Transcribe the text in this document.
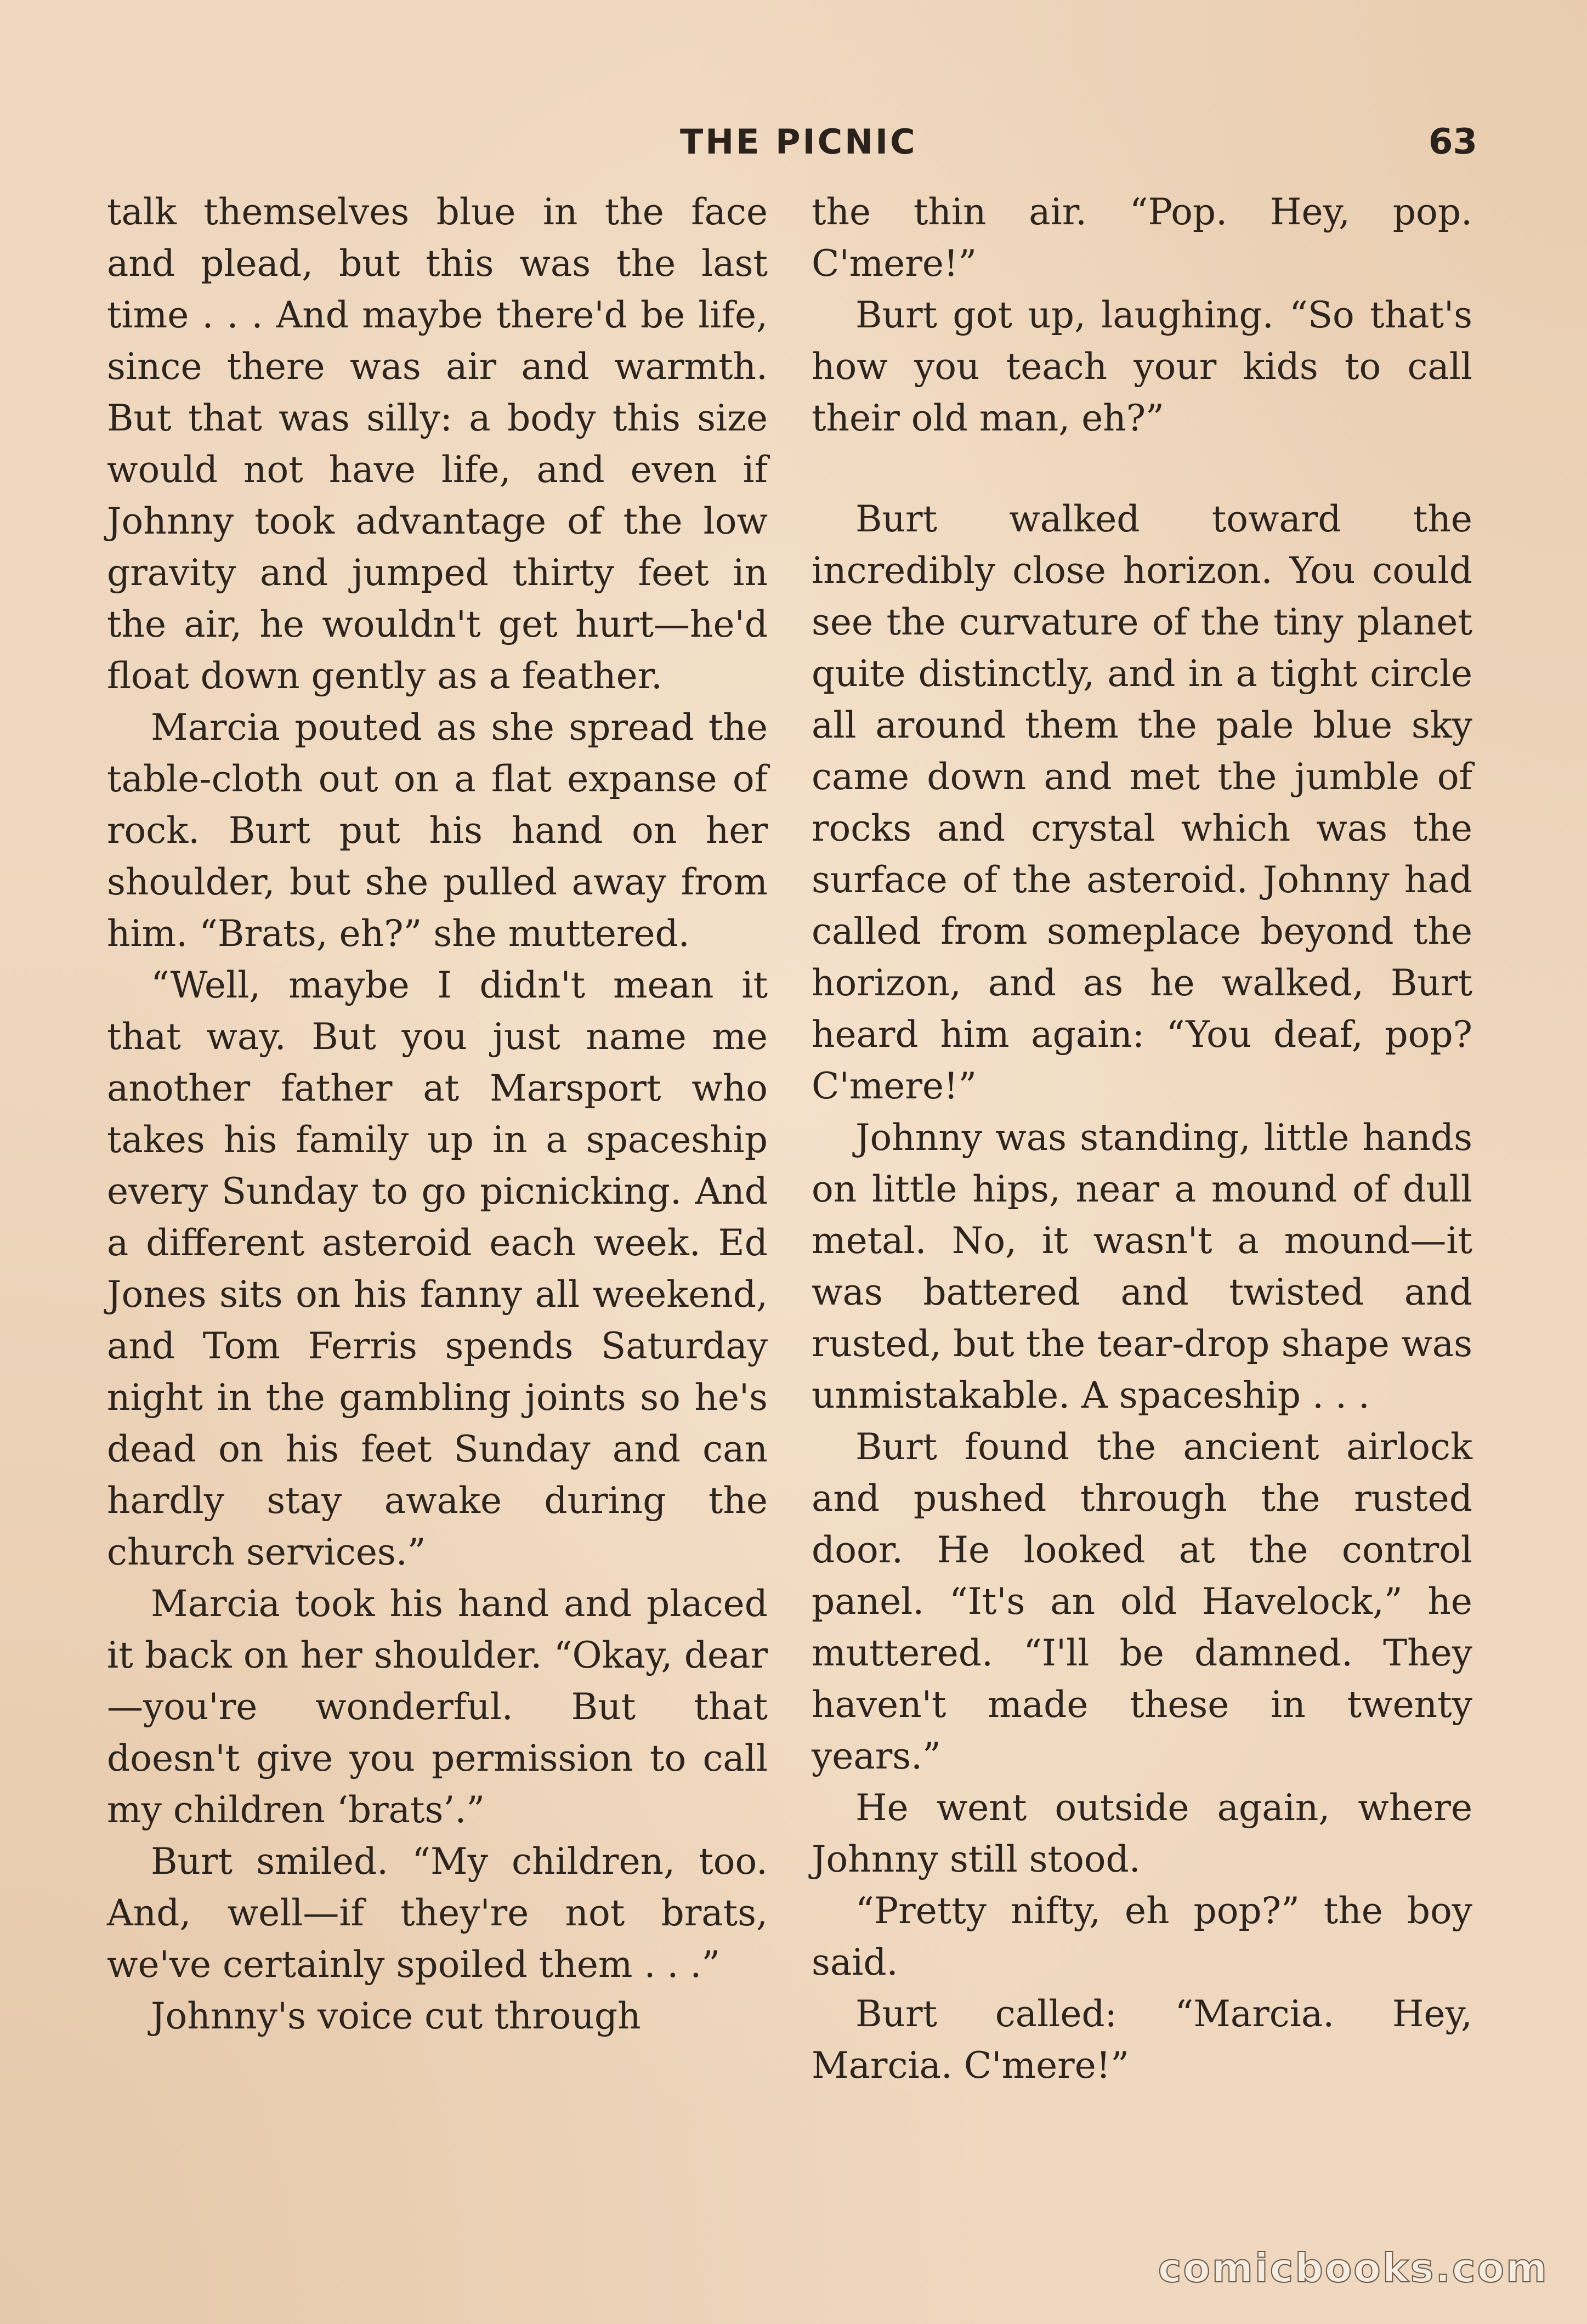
THE PICNIC	63

talk themselves blue in the face and plead, but this was the last time . . . And maybe there'd be life, since there was air and warmth. But that was silly: a body this size would not have life, and even if Johnny took advantage of the low gravity and jumped thirty feet in the air, he wouldn't get hurt—he'd float down gently as a feather.

Marcia pouted as she spread the table-cloth out on a flat expanse of rock. Burt put his hand on her shoulder, but she pulled away from him. “Brats, eh?” she muttered.

“Well, maybe I didn't mean it that way. But you just name me another father at Marsport who takes his family up in a spaceship every Sunday to go picnicking. And a different asteroid each week. Ed Jones sits on his fanny all weekend, and Tom Ferris spends Saturday night in the gambling joints so he's dead on his feet Sunday and can hardly stay awake during the church services.”

Marcia took his hand and placed it back on her shoulder. “Okay, dear—you're wonderful. But that doesn't give you permission to call my children ‘brats’.”

Burt smiled. “My children, too. And, well—if they're not brats, we've certainly spoiled them . . .”

Johnny's voice cut through

the thin air. “Pop. Hey, pop. C'mere!”

Burt got up, laughing. “So that's how you teach your kids to call their old man, eh?”

Burt walked toward the incredibly close horizon. You could see the curvature of the tiny planet quite distinctly, and in a tight circle all around them the pale blue sky came down and met the jumble of rocks and crystal which was the surface of the asteroid. Johnny had called from someplace beyond the horizon, and as he walked, Burt heard him again: “You deaf, pop? C'mere!”

Johnny was standing, little hands on little hips, near a mound of dull metal. No, it wasn't a mound—it was battered and twisted and rusted, but the tear-drop shape was unmistakable. A spaceship . . .

Burt found the ancient airlock and pushed through the rusted door. He looked at the control panel. “It's an old Havelock,” he muttered. “I'll be damned. They haven't made these in twenty years.”

He went outside again, where Johnny still stood.

“Pretty nifty, eh pop?” the boy said.

Burt called: “Marcia. Hey, Marcia. C'mere!”

comicbooks.com
